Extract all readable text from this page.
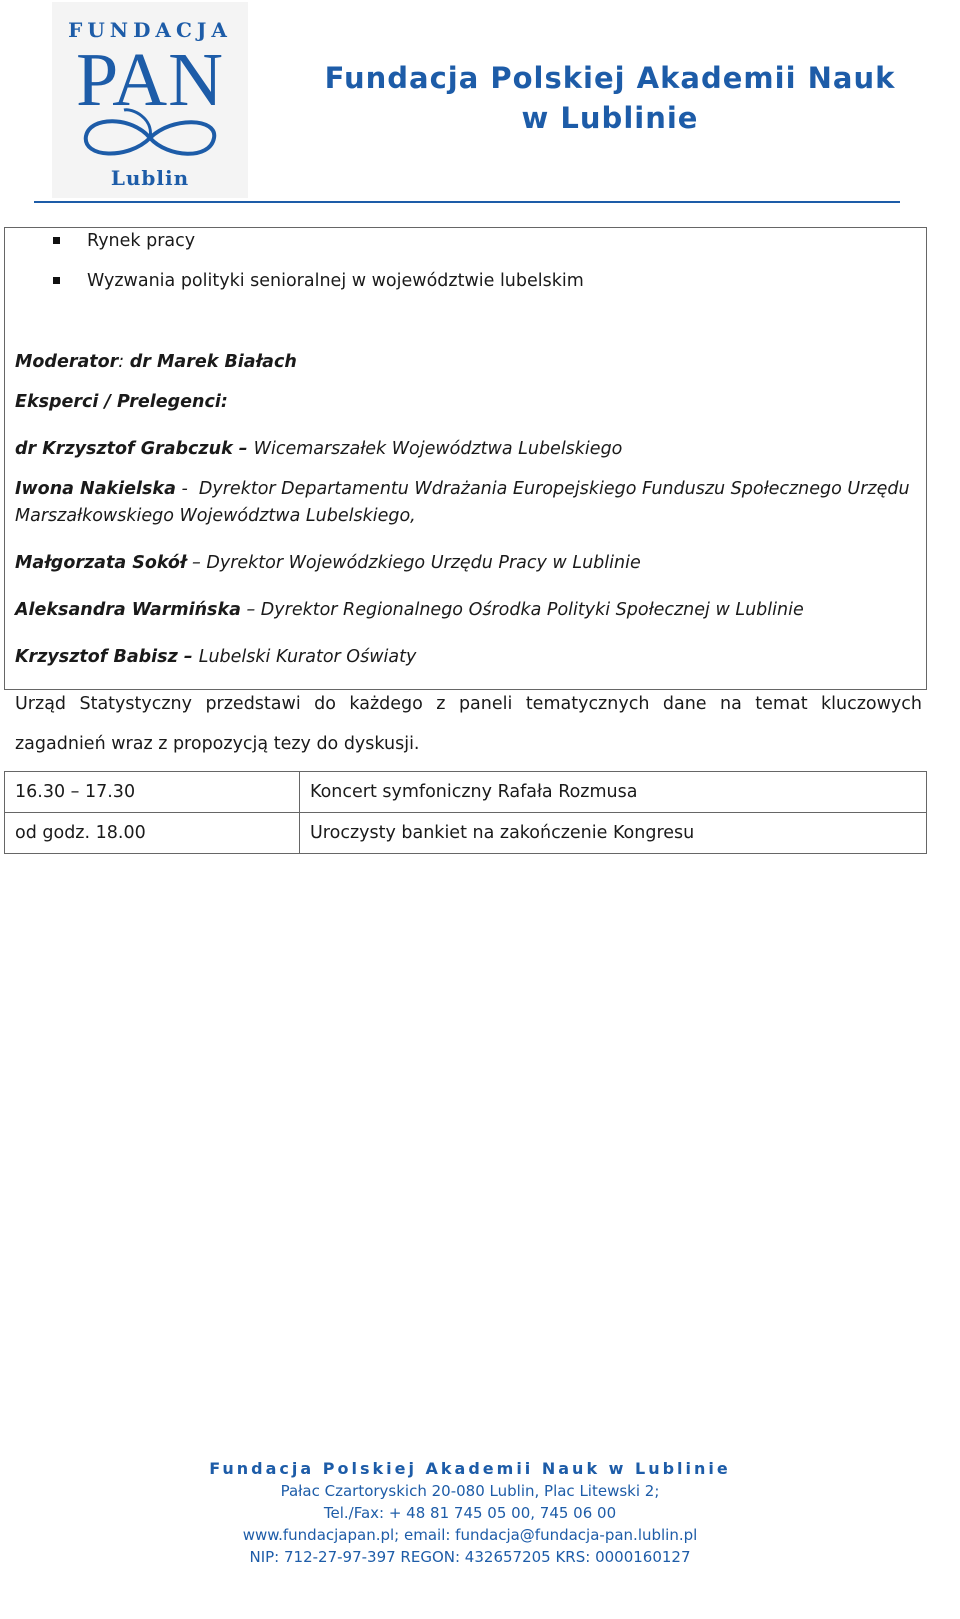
FUNDACJA
PAN
Lublin
Fundacja Polskiej Akademii Nauk
w Lublinie
Rynek pracy
Wyzwania polityki senioralnej w województwie lubelskim
Moderator: dr Marek Białach
Eksperci / Prelegenci:
dr Krzysztof Grabczuk – Wicemarszałek Województwa Lubelskiego
Iwona Nakielska -  Dyrektor Departamentu Wdrażania Europejskiego Funduszu Społecznego Urzędu
Marszałkowskiego Województwa Lubelskiego,
Małgorzata Sokół – Dyrektor Wojewódzkiego Urzędu Pracy w Lublinie
Aleksandra Warmińska – Dyrektor Regionalnego Ośrodka Polityki Społecznej w Lublinie
Krzysztof Babisz – Lubelski Kurator Oświaty
Urząd Statystyczny przedstawi do każdego z paneli tematycznych dane na temat kluczowych zagadnień wraz z propozycją tezy do dyskusji.
16.30 – 17.30	Koncert symfoniczny Rafała Rozmusa
od godz. 18.00	Uroczysty bankiet na zakończenie Kongresu
Fundacja Polskiej Akademii Nauk w Lublinie
Pałac Czartoryskich 20-080 Lublin, Plac Litewski 2;
Tel./Fax: + 48 81 745 05 00, 745 06 00
www.fundacjapan.pl; email: fundacja@fundacja-pan.lublin.pl
NIP: 712-27-97-397 REGON: 432657205 KRS: 0000160127
